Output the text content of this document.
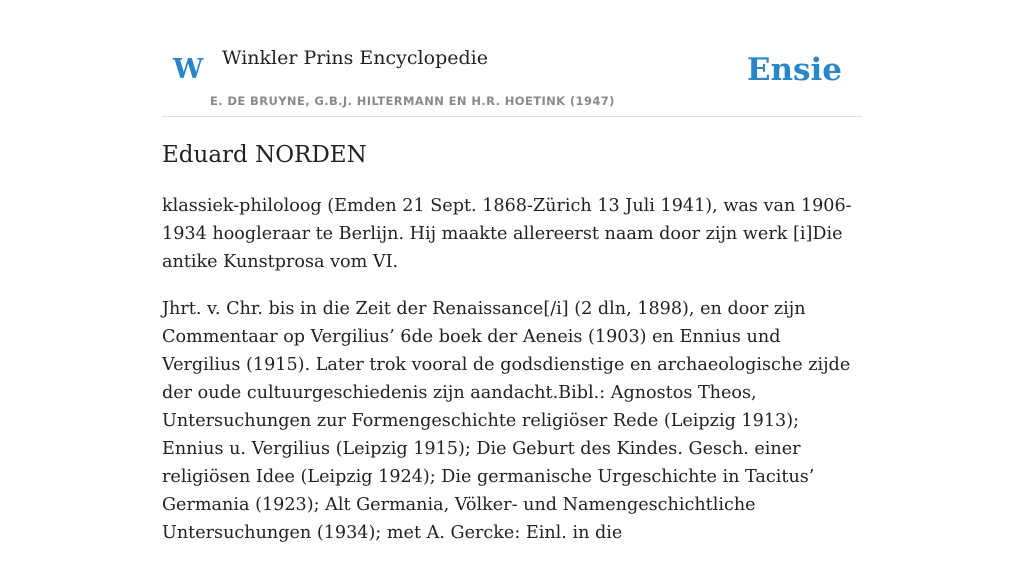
W Winkler Prins Encyclopedie
E. DE BRUYNE, G.B.J. HILTERMANN EN H.R. HOETINK (1947)
Ensie
Eduard NORDEN

klassiek-philoloog (Emden 21 Sept. 1868-Zürich 13 Juli 1941), was van 1906-1934 hoogleraar te Berlijn. Hij maakte allereerst naam door zijn werk [i]Die antike Kunstprosa vom VI.

Jhrt. v. Chr. bis in die Zeit der Renaissance[/i] (2 dln, 1898), en door zijn Commentaar op Vergilius’ 6de boek der Aeneis (1903) en Ennius und Vergilius (1915). Later trok vooral de godsdienstige en archaeologische zijde der oude cultuurgeschiedenis zijn aandacht.Bibl.: Agnostos Theos, Untersuchungen zur Formengeschichte religiöser Rede (Leipzig 1913); Ennius u. Vergilius (Leipzig 1915); Die Geburt des Kindes. Gesch. einer religiösen Idee (Leipzig 1924); Die germanische Urgeschichte in Tacitus’ Germania (1923); Alt Germania, Völker- und Namengeschichtliche Untersuchungen (1934); met A. Gercke: Einl. in die
